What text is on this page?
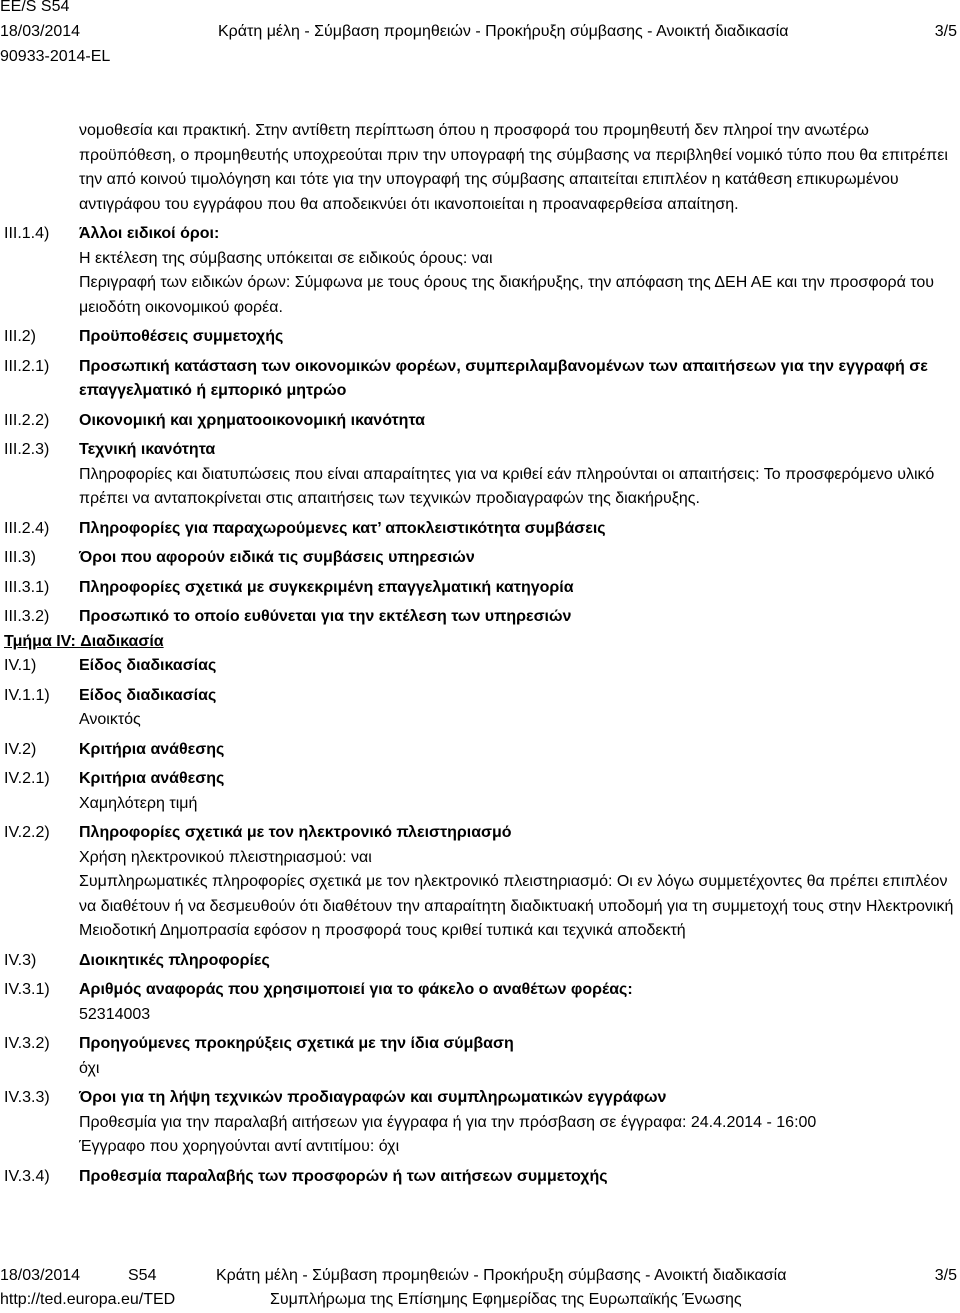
EE/S S54
18/03/2014
90933-2014-EL
Κράτη μέλη - Σύμβαση προμηθειών - Προκήρυξη σύμβασης - Ανοικτή διαδικασία	3/5
νομοθεσία και πρακτική. Στην αντίθετη περίπτωση όπου η προσφορά του προμηθευτή δεν πληροί την ανωτέρω προϋπόθεση, ο προμηθευτής υποχρεούται πριν την υπογραφή της σύμβασης να περιβληθεί νομικό τύπο που θα επιτρέπει την από κοινού τιμολόγηση και τότε για την υπογραφή της σύμβασης απαιτείται επιπλέον η κατάθεση επικυρωμένου αντιγράφου του εγγράφου που θα αποδεικνύει ότι ικανοποιείται η προαναφερθείσα απαίτηση.
III.1.4)	Άλλοι ειδικοί όροι:
Η εκτέλεση της σύμβασης υπόκειται σε ειδικούς όρους: ναι
Περιγραφή των ειδικών όρων: Σύμφωνα με τους όρους της διακήρυξης, την απόφαση της ΔΕΗ ΑΕ και την προσφορά του μειοδότη οικονομικού φορέα.
III.2)	Προϋποθέσεις συμμετοχής
III.2.1)	Προσωπική κατάσταση των οικονομικών φορέων, συμπεριλαμβανομένων των απαιτήσεων για την εγγραφή σε επαγγελματικό ή εμπορικό μητρώο
III.2.2)	Οικονομική και χρηματοοικονομική ικανότητα
III.2.3)	Τεχνική ικανότητα
Πληροφορίες και διατυπώσεις που είναι απαραίτητες για να κριθεί εάν πληρούνται οι απαιτήσεις: Το προσφερόμενο υλικό πρέπει να ανταποκρίνεται στις απαιτήσεις των τεχνικών προδιαγραφών της διακήρυξης.
III.2.4)	Πληροφορίες για παραχωρούμενες κατ’ αποκλειστικότητα συμβάσεις
III.3)	Όροι που αφορούν ειδικά τις συμβάσεις υπηρεσιών
III.3.1)	Πληροφορίες σχετικά με συγκεκριμένη επαγγελματική κατηγορία
III.3.2)	Προσωπικό το οποίο ευθύνεται για την εκτέλεση των υπηρεσιών
Τμήμα IV: Διαδικασία
IV.1)	Είδος διαδικασίας
IV.1.1)	Είδος διαδικασίας
Ανοικτός
IV.2)	Κριτήρια ανάθεσης
IV.2.1)	Κριτήρια ανάθεσης
Χαμηλότερη τιμή
IV.2.2)	Πληροφορίες σχετικά με τον ηλεκτρονικό πλειστηριασμό
Χρήση ηλεκτρονικού πλειστηριασμού: ναι
Συμπληρωματικές πληροφορίες σχετικά με τον ηλεκτρονικό πλειστηριασμό: Οι εν λόγω συμμετέχοντες θα πρέπει επιπλέον να διαθέτουν ή να δεσμευθούν ότι διαθέτουν την απαραίτητη διαδικτυακή υποδομή για τη συμμετοχή τους στην Ηλεκτρονική Μειοδοτική Δημοπρασία εφόσον η προσφορά τους κριθεί τυπικά και τεχνικά αποδεκτή
IV.3)	Διοικητικές πληροφορίες
IV.3.1)	Αριθμός αναφοράς που χρησιμοποιεί για το φάκελο ο αναθέτων φορέας:
52314003
IV.3.2)	Προηγούμενες προκηρύξεις σχετικά με την ίδια σύμβαση
όχι
IV.3.3)	Όροι για τη λήψη τεχνικών προδιαγραφών και συμπληρωματικών εγγράφων
Προθεσμία για την παραλαβή αιτήσεων για έγγραφα ή για την πρόσβαση σε έγγραφα: 24.4.2014 - 16:00
Έγγραφο που χορηγούνται αντί αντιτίμου: όχι
IV.3.4)	Προθεσμία παραλαβής των προσφορών ή των αιτήσεων συμμετοχής
18/03/2014	S54	Κράτη μέλη - Σύμβαση προμηθειών - Προκήρυξη σύμβασης - Ανοικτή διαδικασία	3/5
http://ted.europa.eu/TED	Συμπλήρωμα της Επίσημης Εφημερίδας της Ευρωπαϊκής Ένωσης
